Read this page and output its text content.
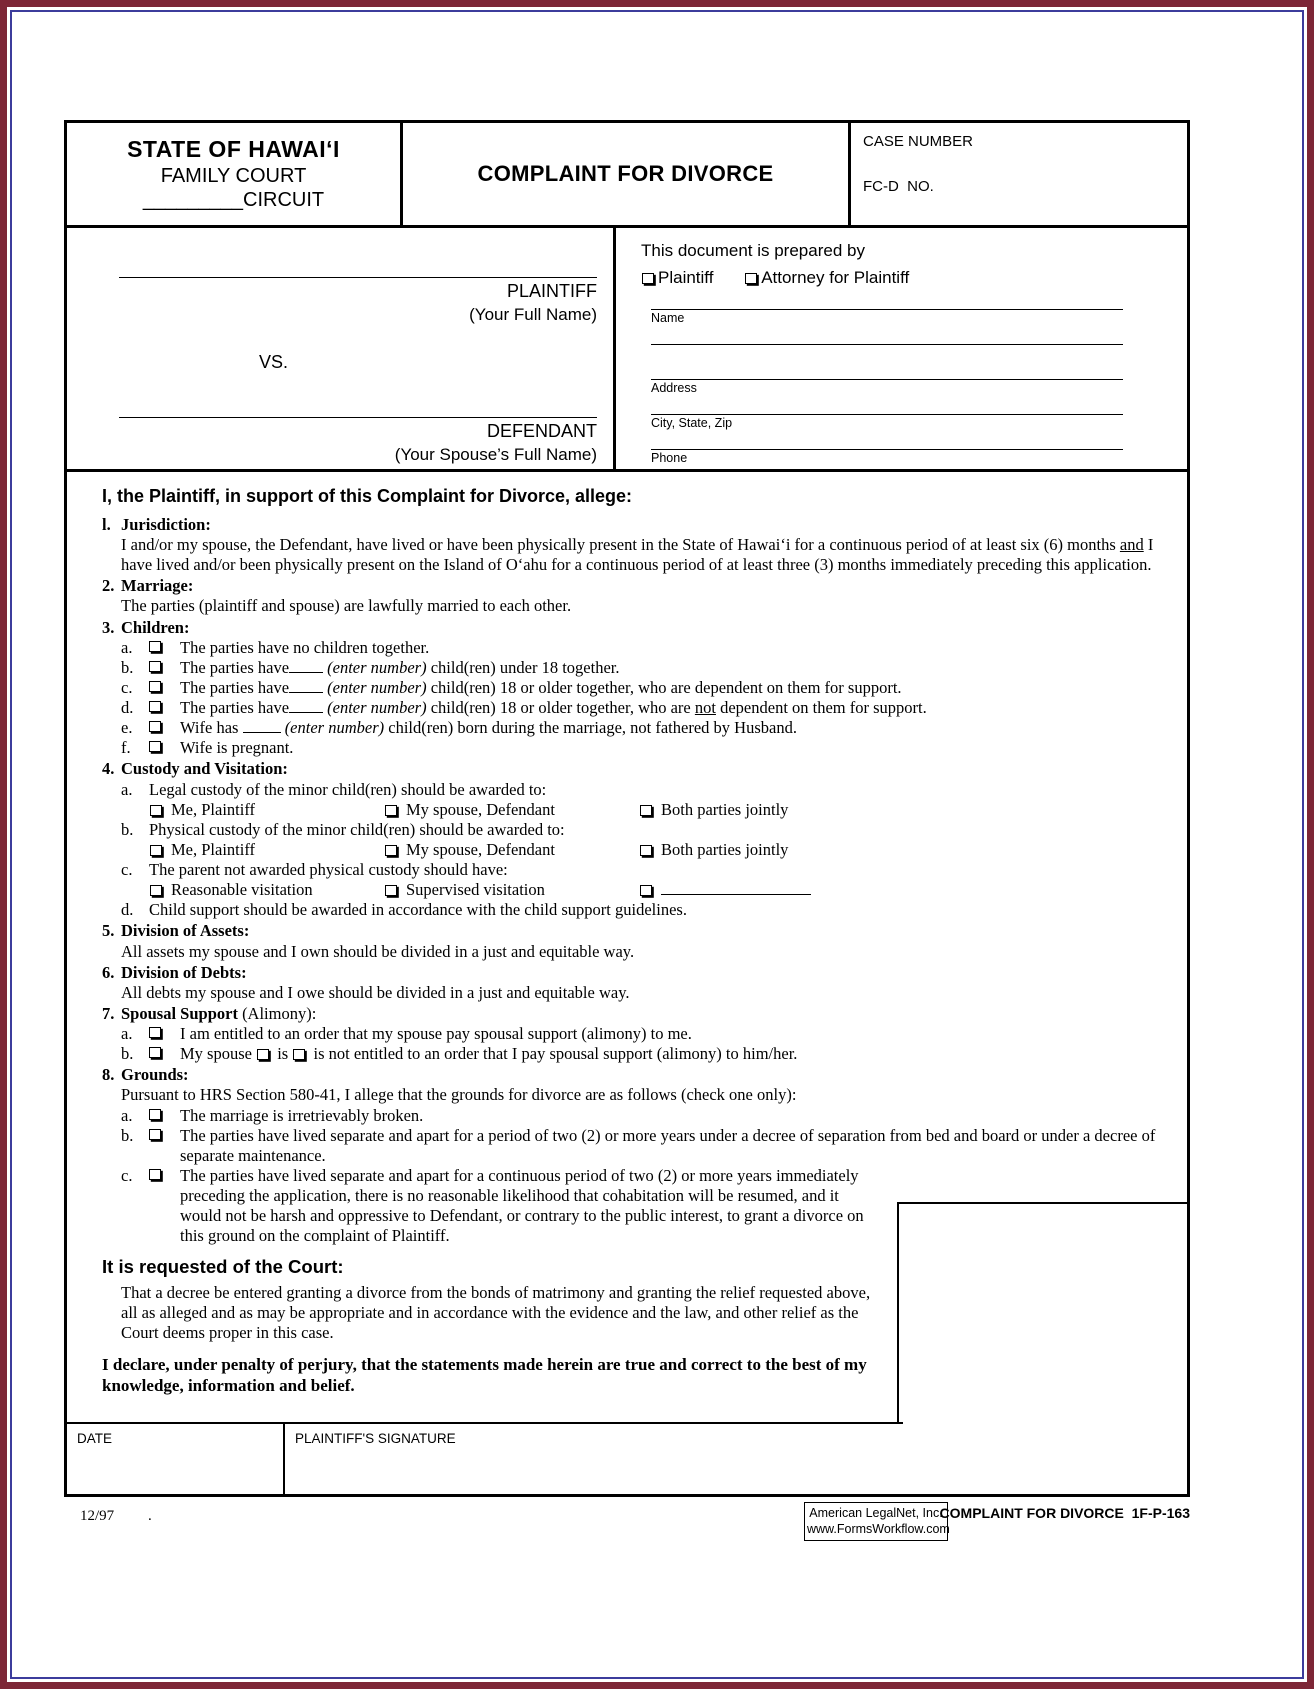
STATE OF HAWAI‘I
FAMILY COURT
_________CIRCUIT
COMPLAINT FOR DIVORCE
CASE NUMBER
FC-D  NO.
PLAINTIFF
(Your Full Name)
VS.
DEFENDANT
(Your Spouse’s Full Name)
This document is prepared by
Plaintiff	Attorney for Plaintiff
Name
Address
City, State, Zip
Phone
I, the Plaintiff, in support of this Complaint for Divorce, allege:
l. Jurisdiction:
I and/or my spouse, the Defendant, have lived or have been physically present in the State of Hawai‘i for a continuous period of at least six (6) months and I have lived and/or been physically present on the Island of O‘ahu for a continuous period of at least three (3) months immediately preceding this application.
2. Marriage:
The parties (plaintiff and spouse) are lawfully married to each other.
3. Children:
a.	The parties have no children together.
b.	The parties have (enter number) child(ren) under 18 together.
c.	The parties have (enter number) child(ren) 18 or older together, who are dependent on them for support.
d.	The parties have (enter number) child(ren) 18 or older together, who are not dependent on them for support.
e.	Wife has	(enter number) child(ren) born during the marriage, not fathered by Husband.
f.	Wife is pregnant.
4. Custody and Visitation:
a.	Legal custody of the minor child(ren) should be awarded to:
Me, Plaintiff	My spouse, Defendant	Both parties jointly
b. Physical custody of the minor child(ren) should be awarded to:
Me, Plaintiff	My spouse, Defendant	Both parties jointly
c.	The parent not awarded physical custody should have:
Reasonable visitation	Supervised visitation
d. Child support should be awarded in accordance with the child support guidelines.
5. Division of Assets:
All assets my spouse and I own should be divided in a just and equitable way.
6. Division of Debts:
All debts my spouse and I owe should be divided in a just and equitable way.
7. Spousal Support (Alimony):
a.	I am entitled to an order that my spouse pay spousal support (alimony) to me.
b.	My spouse  is  is not entitled to an order that I pay spousal support (alimony) to him/her.
8. Grounds:
Pursuant to HRS Section 580-41, I allege that the grounds for divorce are as follows (check one only):
a.	The marriage is irretrievably broken.
b.	The parties have lived separate and apart for a period of two (2) or more years under a decree of separation from bed and board or under a decree of separate maintenance.
c.	The parties have lived separate and apart for a continuous period of two (2) or more years immediately preceding the application, there is no reasonable likelihood that cohabitation will be resumed, and it would not be harsh and oppressive to Defendant, or contrary to the public interest, to grant a divorce on this ground on the complaint of Plaintiff.
It is requested of the Court:
That a decree be entered granting a divorce from the bonds of matrimony and granting the relief requested above, all as alleged and as may be appropriate and in accordance with the evidence and the law, and other relief as the Court deems proper in this case.
I declare, under penalty of perjury, that the statements made herein are true and correct to the best of my knowledge, information and belief.
DATE	PLAINTIFF'S SIGNATURE
12/97 .	American LegalNet, Inc.
www.FormsWorkflow.com
COMPLAINT FOR DIVORCE  1F-P-163
